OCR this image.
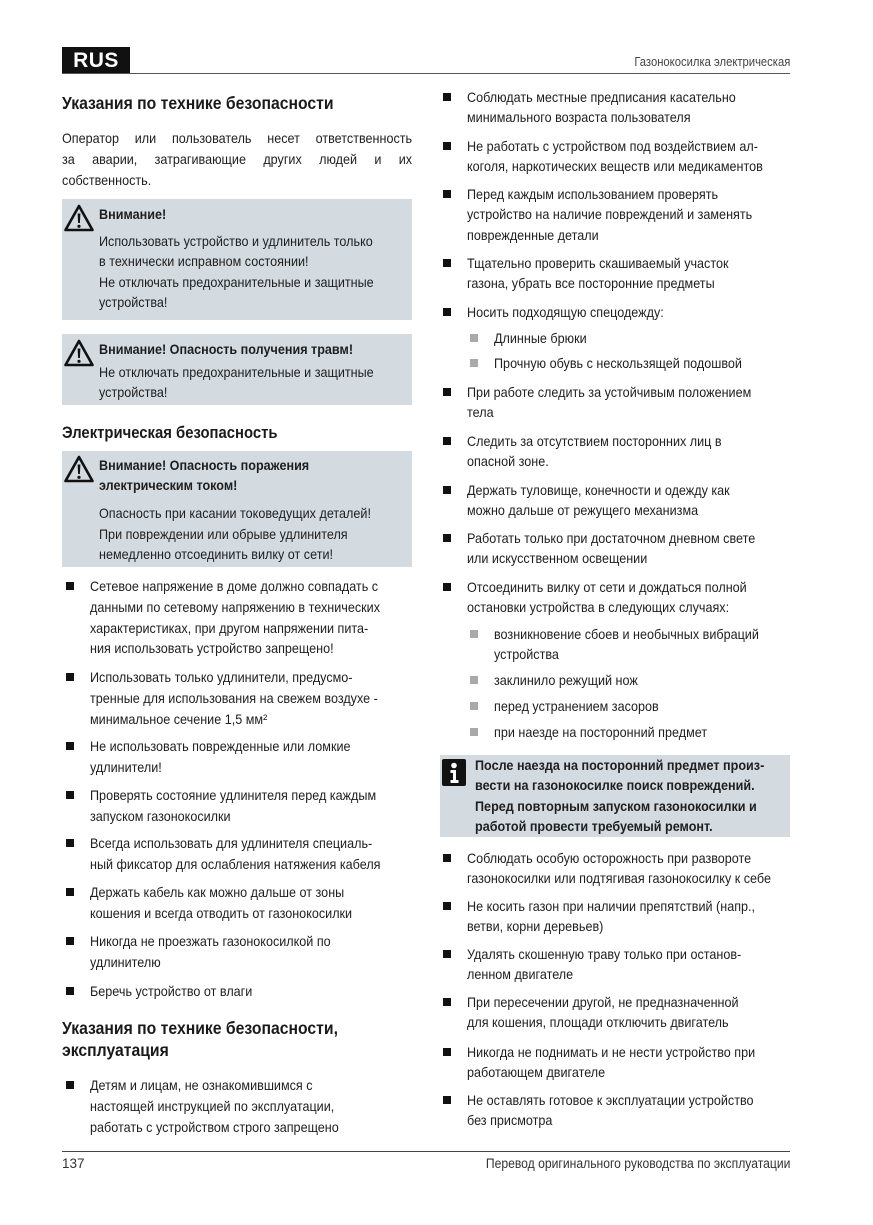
RUS	Газонокосилка электрическая
Указания по технике безопасности
Оператор или пользователь несет ответственность
за аварии, затрагивающие других людей и их
собственность.
Внимание!
Использовать устройство и удлинитель только
в технически исправном состоянии!
Не отключать предохранительные и защитные
устройства!
Внимание! Опасность получения травм!
Не отключать предохранительные и защитные
устройства!
Электрическая безопасность
Внимание! Опасность поражения
электрическим током!
Опасность при касании токоведущих деталей!
При повреждении или обрыве удлинителя
немедленно отсоединить вилку от сети!
Сетевое напряжение в доме должно совпадать с
данными по сетевому напряжению в технических
характеристиках, при другом напряжении пита-
ния использовать устройство запрещено!
Использовать только удлинители, предусмо-
тренные для использования на свежем воздухе -
минимальное сечение 1,5 мм²
Не использовать поврежденные или ломкие
удлинители!
Проверять состояние удлинителя перед каждым
запуском газонокосилки
Всегда использовать для удлинителя специаль-
ный фиксатор для ослабления натяжения кабеля
Держать кабель как можно дальше от зоны
кошения и всегда отводить от газонокосилки
Никогда не проезжать газонокосилкой по
удлинителю
Беречь устройство от влаги
Указания по технике безопасности,
эксплуатация
Детям и лицам, не ознакомившимся с
настоящей инструкцией по эксплуатации,
работать с устройством строго запрещено
Соблюдать местные предписания касательно
минимального возраста пользователя
Не работать с устройством под воздействием ал-
коголя, наркотических веществ или медикаментов
Перед каждым использованием проверять
устройство на наличие повреждений и заменять
поврежденные детали
Тщательно проверить скашиваемый участок
газона, убрать все посторонние предметы
Носить подходящую спецодежду:
Длинные брюки
Прочную обувь с нескользящей подошвой
При работе следить за устойчивым положением
тела
Следить за отсутствием посторонних лиц в
опасной зоне.
Держать туловище, конечности и одежду как
можно дальше от режущего механизма
Работать только при достаточном дневном свете
или искусственном освещении
Отсоединить вилку от сети и дождаться полной
остановки устройства в следующих случаях:
возникновение сбоев и необычных вибраций
устройства
заклинило режущий нож
перед устранением засоров
при наезде на посторонний предмет
После наезда на посторонний предмет произ-
вести на газонокосилке поиск повреждений.
Перед повторным запуском газонокосилки и
работой провести требуемый ремонт.
Соблюдать особую осторожность при развороте
газонокосилки или подтягивая газонокосилку к себе
Не косить газон при наличии препятствий (напр.,
ветви, корни деревьев)
Удалять скошенную траву только при останов-
ленном двигателе
При пересечении другой, не предназначенной
для кошения, площади отключить двигатель
Никогда не поднимать и не нести устройство при
работающем двигателе
Не оставлять готовое к эксплуатации устройство
без присмотра
137	Перевод оригинального руководства по эксплуатации
